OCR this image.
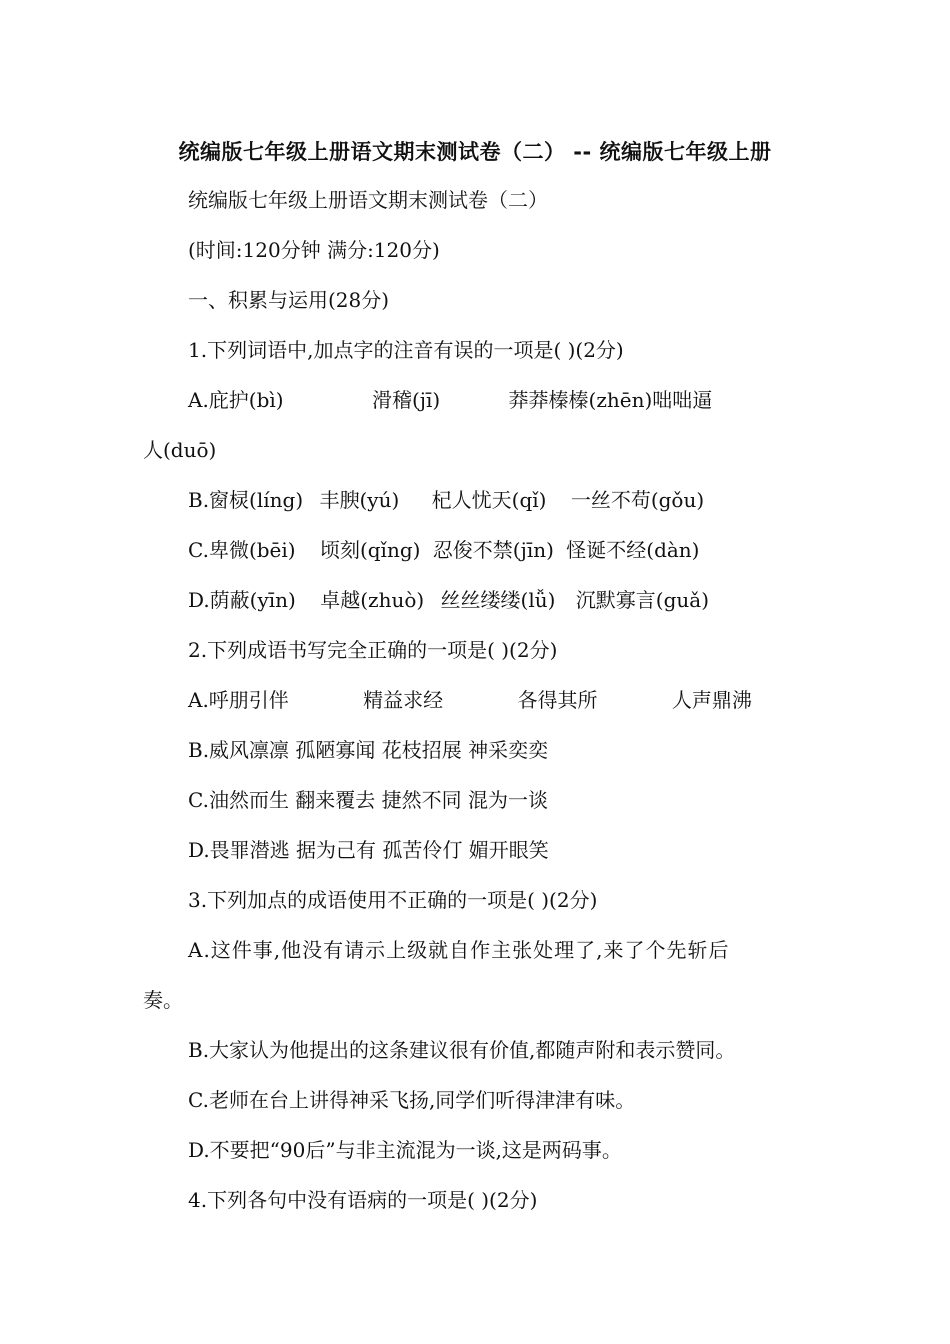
统编版七年级上册语文期末测试卷（二） -- 统编版七年级上册
统编版七年级上册语文期末测试卷（二）
(时间:120分钟 满分:120分)
一、积累与运用(28分)
1.下列词语中,加点字的注音有误的一项是( )(2分)
A.庇护(bì)	滑稽(jī)	莽莽榛榛(zhēn)咄咄逼
人(duō)
B.窗棂(líng) 丰腴(yú) 杞人忧天(qǐ) 一丝不苟(gǒu)
C.卑微(bēi) 顷刻(qǐng) 忍俊不禁(jīn) 怪诞不经(dàn)
D.荫蔽(yīn) 卓越(zhuò) 丝丝缕缕(lǚ) 沉默寡言(guǎ)
2.下列成语书写完全正确的一项是( )(2分)
A.呼朋引伴	精益求经	各得其所	人声鼎沸
B.威风凛凛 孤陋寡闻 花枝招展 神采奕奕
C.油然而生 翻来覆去 捷然不同 混为一谈
D.畏罪潜逃 据为己有 孤苦伶仃 媚开眼笑
3.下列加点的成语使用不正确的一项是( )(2分)
A.这件事,他没有请示上级就自作主张处理了,来了个先斩后
奏。
B.大家认为他提出的这条建议很有价值,都随声附和表示赞同。
C.老师在台上讲得神采飞扬,同学们听得津津有味。
D.不要把“90后”与非主流混为一谈,这是两码事。
4.下列各句中没有语病的一项是( )(2分)
